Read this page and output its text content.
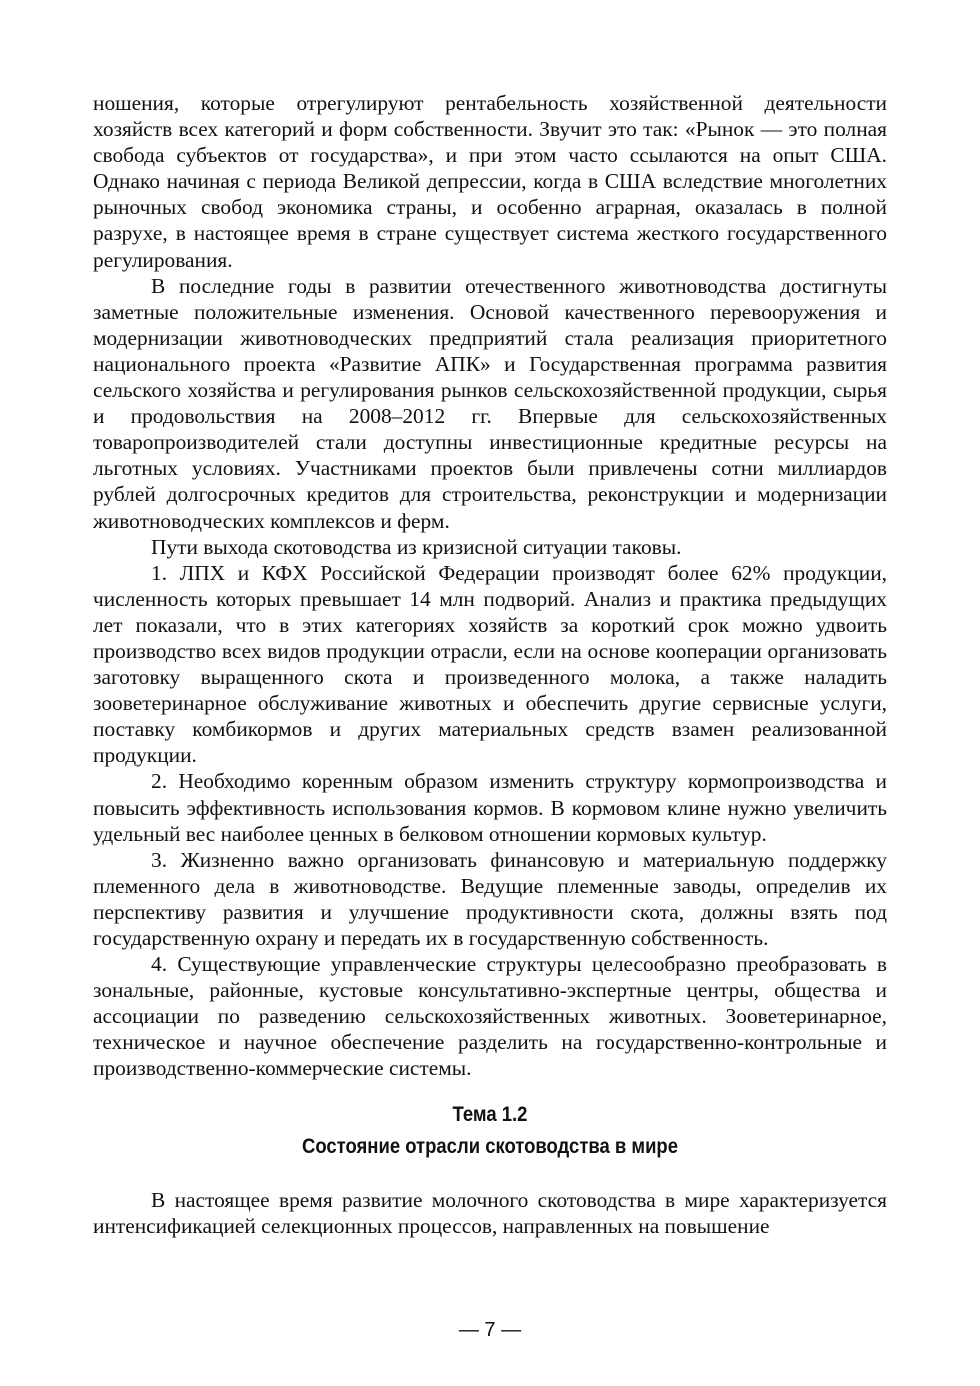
ношения, которые отрегулируют рентабельность хозяйственной деятельности хозяйств всех категорий и форм собственности. Звучит это так: «Рынок — это полная свобода субъектов от государства», и при этом часто ссылаются на опыт США. Однако начиная с периода Великой депрессии, когда в США вследствие многолетних рыночных свобод экономика страны, и особенно аграрная, оказалась в полной разрухе, в настоящее время в стране существует система жесткого государственного регулирования.

В последние годы в развитии отечественного животноводства достигнуты заметные положительные изменения. Основой качественного перевооружения и модернизации животноводческих предприятий стала реализация приоритетного национального проекта «Развитие АПК» и Государственная программа развития сельского хозяйства и регулирования рынков сельскохозяйственной продукции, сырья и продовольствия на 2008–2012 гг. Впервые для сельскохозяйственных товаропроизводителей стали доступны инвестиционные кредитные ресурсы на льготных условиях. Участниками проектов были привлечены сотни миллиардов рублей долгосрочных кредитов для строительства, реконструкции и модернизации животноводческих комплексов и ферм.

Пути выхода скотоводства из кризисной ситуации таковы.

1. ЛПХ и КФХ Российской Федерации производят более 62% продукции, численность которых превышает 14 млн подворий. Анализ и практика предыдущих лет показали, что в этих категориях хозяйств за короткий срок можно удвоить производство всех видов продукции отрасли, если на основе кооперации организовать заготовку выращенного скота и произведенного молока, а также наладить зооветеринарное обслуживание животных и обеспечить другие сервисные услуги, поставку комбикормов и других материальных средств взамен реализованной продукции.

2. Необходимо коренным образом изменить структуру кормопроизводства и повысить эффективность использования кормов. В кормовом клине нужно увеличить удельный вес наиболее ценных в белковом отношении кормовых культур.

3. Жизненно важно организовать финансовую и материальную поддержку племенного дела в животноводстве. Ведущие племенные заводы, определив их перспективу развития и улучшение продуктивности скота, должны взять под государственную охрану и передать их в государственную собственность.

4. Существующие управленческие структуры целесообразно преобразовать в зональные, районные, кустовые консультативно-экспертные центры, общества и ассоциации по разведению сельскохозяйственных животных. Зооветеринарное, техническое и научное обеспечение разделить на государственно-контрольные и производственно-коммерческие системы.

Тема 1.2
Состояние отрасли скотоводства в мире

В настоящее время развитие молочного скотоводства в мире характеризуется интенсификацией селекционных процессов, направленных на повышение

— 7 —
